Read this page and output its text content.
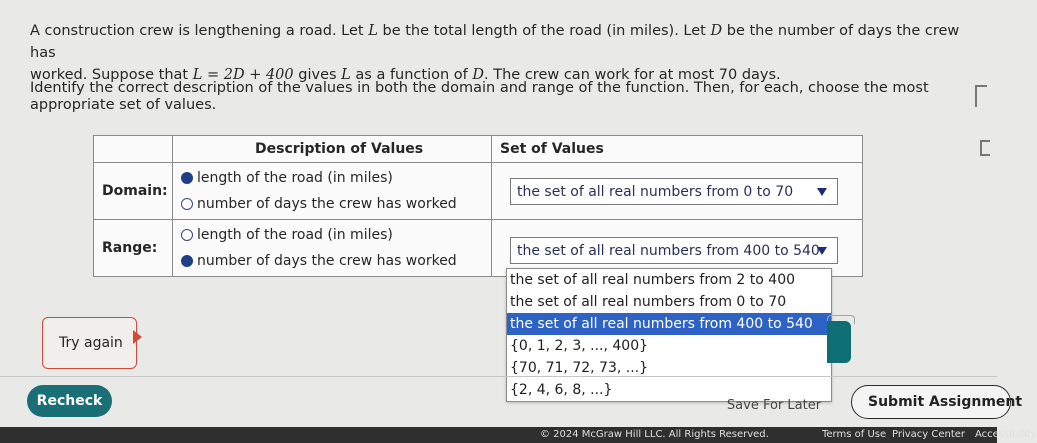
A construction crew is lengthening a road. Let L be the total length of the road (in miles). Let D be the number of days the crew has
worked. Suppose that L = 2D + 400 gives L as a function of D. The crew can work for at most 70 days.
Identify the correct description of the values in both the domain and range of the function. Then, for each, choose the most appropriate set of values.
	Description of Values	Set of Values
Domain:	length of the road (in miles)
number of days the crew has worked	the set of all real numbers from 0 to 70

Range:	length of the road (in miles)
number of days the crew has worked	the set of all real numbers from 400 to 540
the set of all real numbers from 2 to 400
the set of all real numbers from 0 to 70
the set of all real numbers from 400 to 540
{0, 1, 2, 3, ..., 400}
{70, 71, 72, 73, ...}
{2, 4, 6, 8, ...}
Try again
Recheck	Save For Later	Submit Assignment
© 2024 McGraw Hill LLC. All Rights Reserved.	Terms of Use Privacy Center Accessibility
